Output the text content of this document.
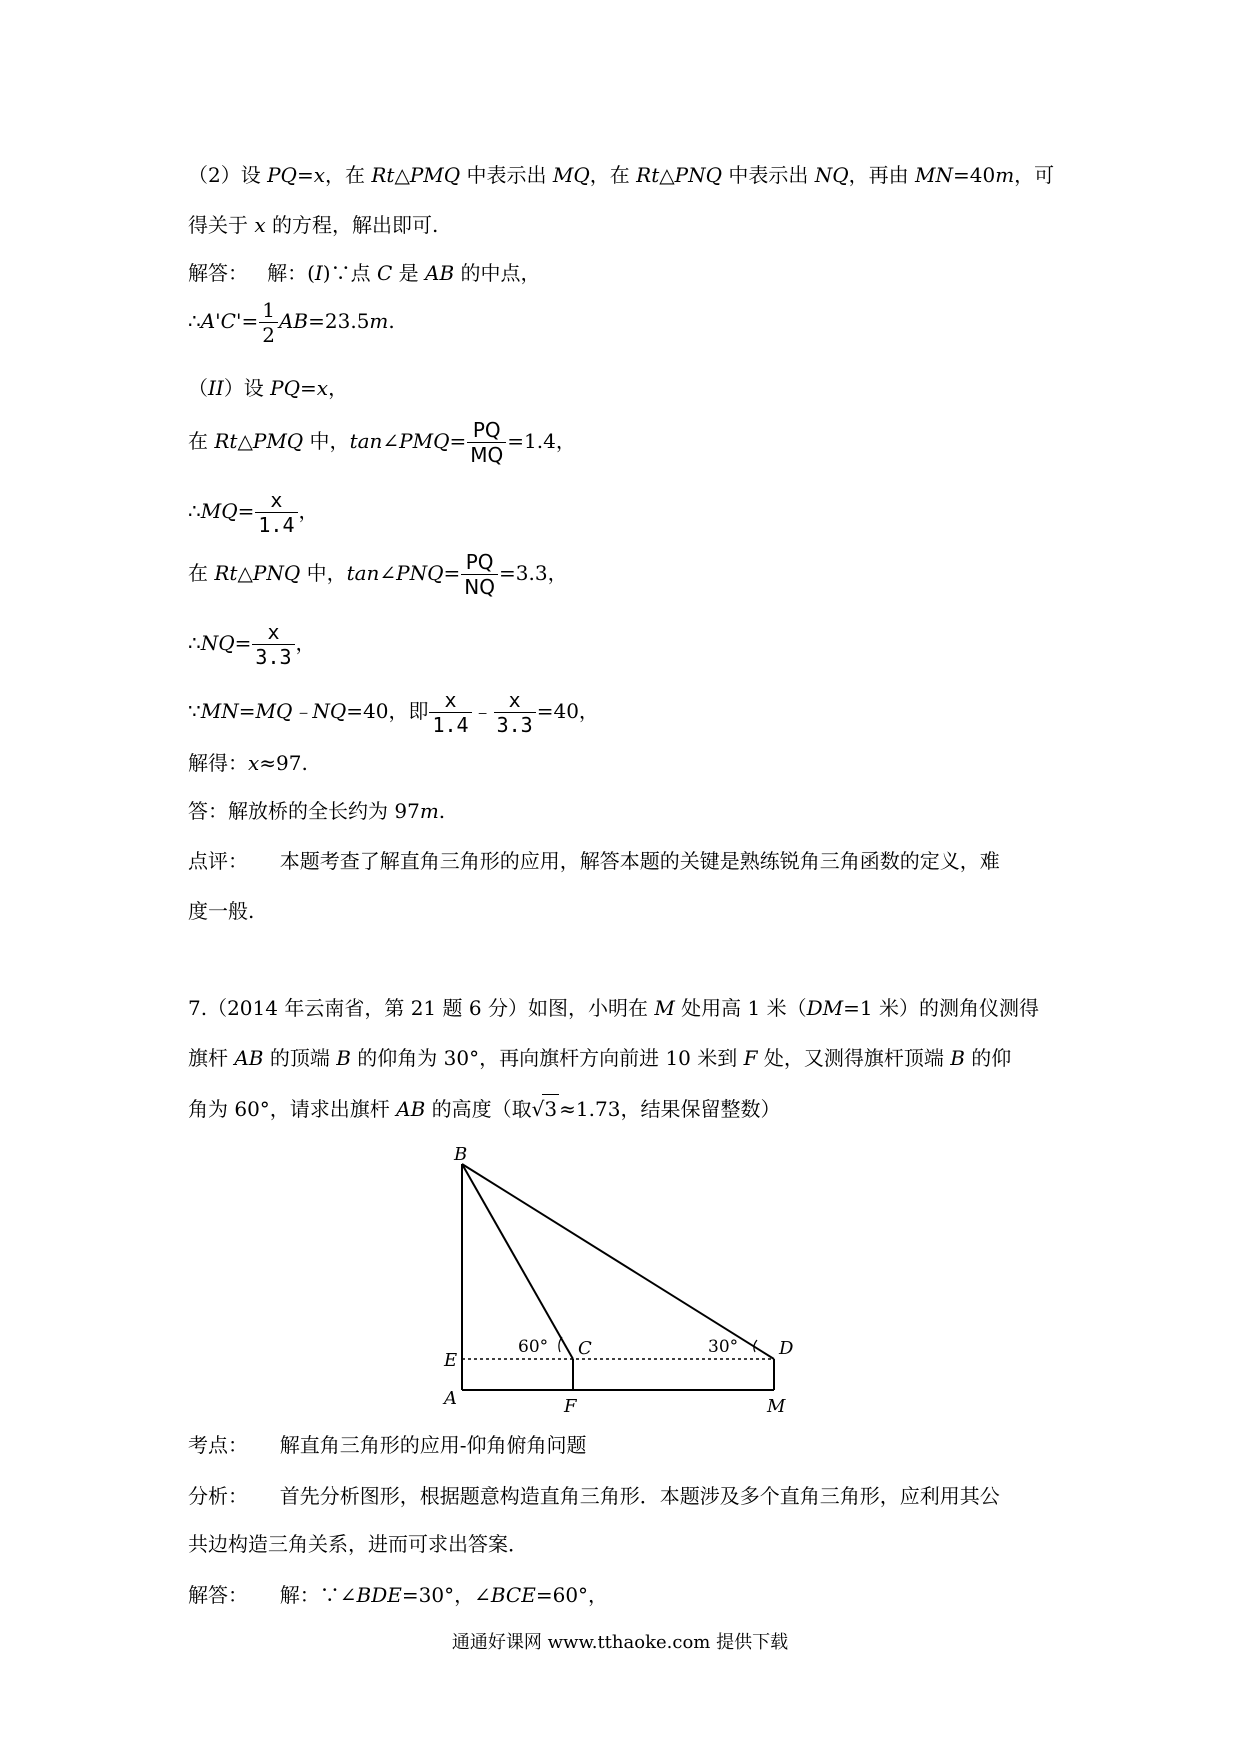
（2）设 PQ=x，在 Rt△PMQ 中表示出 MQ，在 Rt△PNQ 中表示出 NQ，再由 MN=40m，可
得关于 x 的方程，解出即可.
解答： 解：(I)∵点 C 是 AB 的中点，
∴A'C'= $\frac{1}{2} AB=23.5m$.
（II）设 PQ=x，
在 Rt△PMQ 中，tan∠PMQ= $\frac{PQ}{MQ} =1.4$，
∴MQ= $\frac{x}{1.4}$ ，
在 Rt△PNQ 中，tan∠PNQ= $\frac{PQ}{NQ} =3.3$，
∴NQ= $\frac{x}{3.3}$ ，
∵MN=MQ﹣NQ=40，即 $\frac{x}{1.4}$ ﹣ $\frac{x}{3.3} =40$，
解得：x≈97.
答：解放桥的全长约为 97m.
点评： 本题考查了解直角三角形的应用，解答本题的关键是熟练锐角三角函数的定义，难
度一般.
7.（2014 年云南省，第 21 题 6 分）如图，小明在 M 处用高 1 米（DM=1 米）的测角仪测得
旗杆 AB 的顶端 B 的仰角为 30°，再向旗杆方向前进 10 米到 F 处，又测得旗杆顶端 B 的仰
角为 60°，请求出旗杆 AB 的高度（取√3 ≈1.73，结果保留整数）
B
E
A
C
F
D
M
60°	30°
考点： 解直角三角形的应用-仰角俯角问题
分析： 首先分析图形，根据题意构造直角三角形．本题涉及多个直角三角形，应利用其公
共边构造三角关系，进而可求出答案．
解答： 解：∵∠BDE=30°，∠BCE=60°，
通通好课网 www.tthaoke.com 提供下载
